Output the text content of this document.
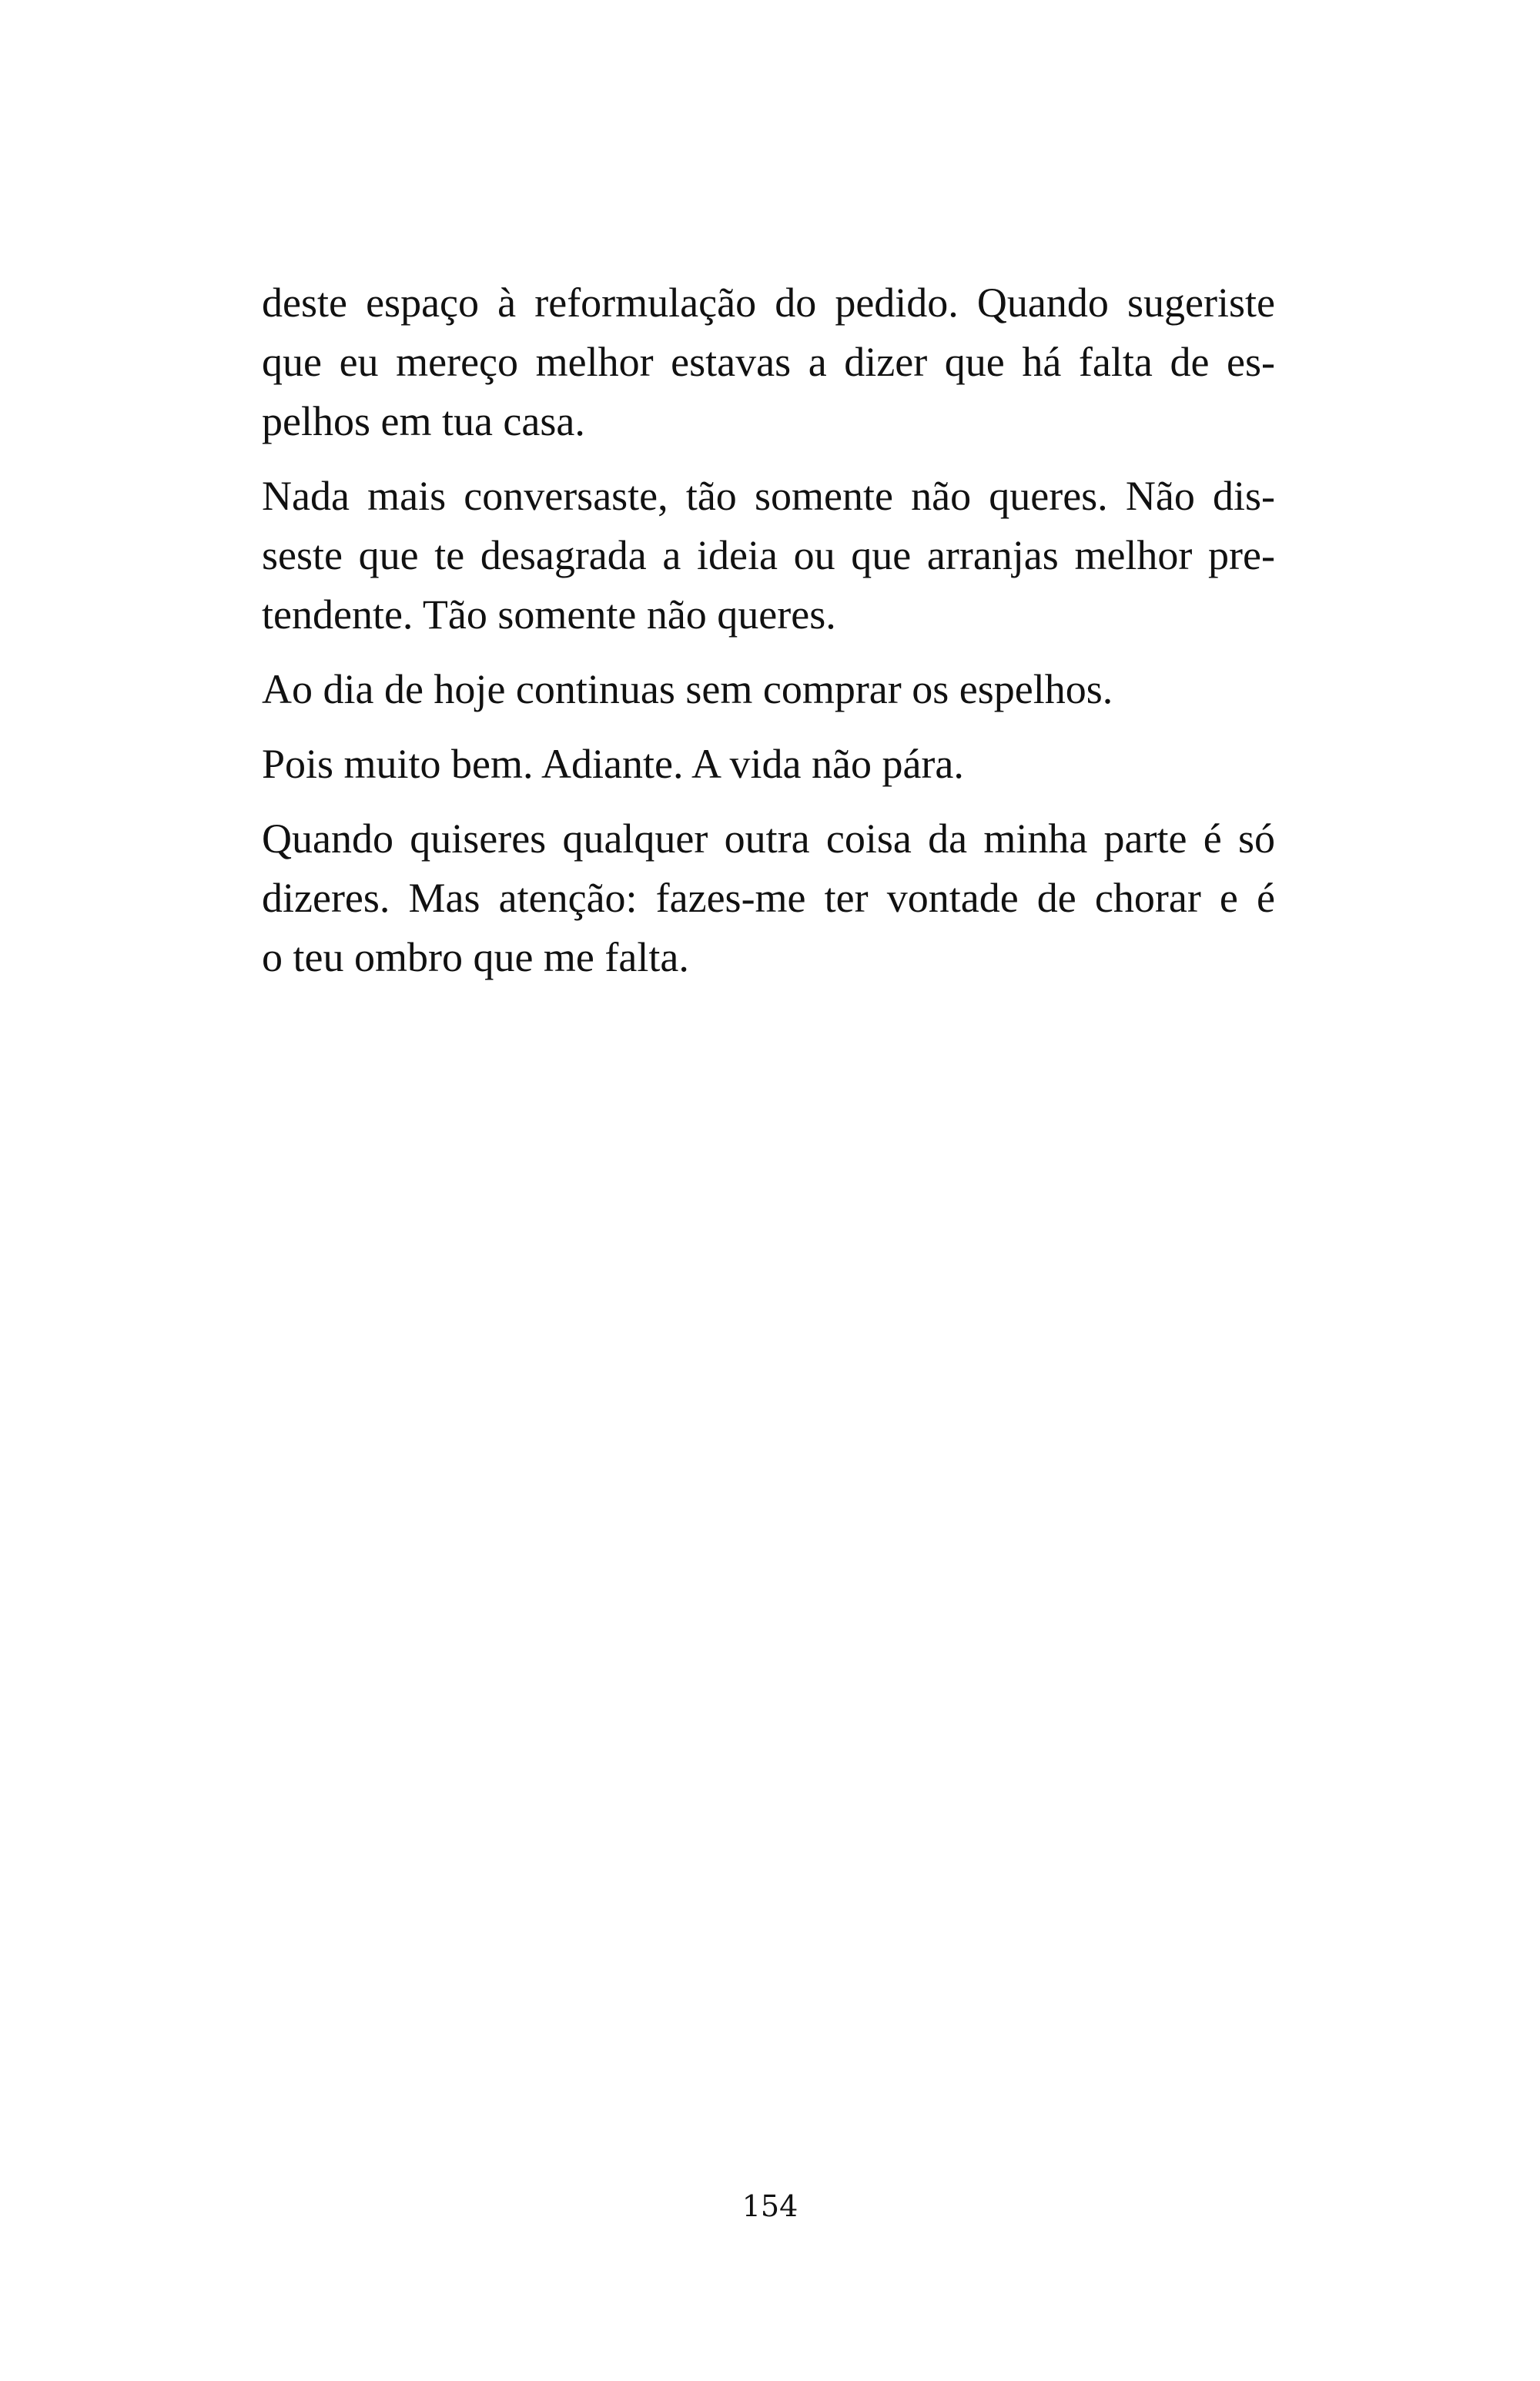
deste espaço à reformulação do pedido. Quando sugeriste
que eu mereço melhor estavas a dizer que há falta de es-
pelhos em tua casa.
Nada mais conversaste, tão somente não queres. Não dis-
seste que te desagrada a ideia ou que arranjas melhor pre-
tendente. Tão somente não queres.
Ao dia de hoje continuas sem comprar os espelhos.
Pois muito bem. Adiante. A vida não pára.
Quando quiseres qualquer outra coisa da minha parte é só
dizeres. Mas atenção: fazes-me ter vontade de chorar e é
o teu ombro que me falta.
154
